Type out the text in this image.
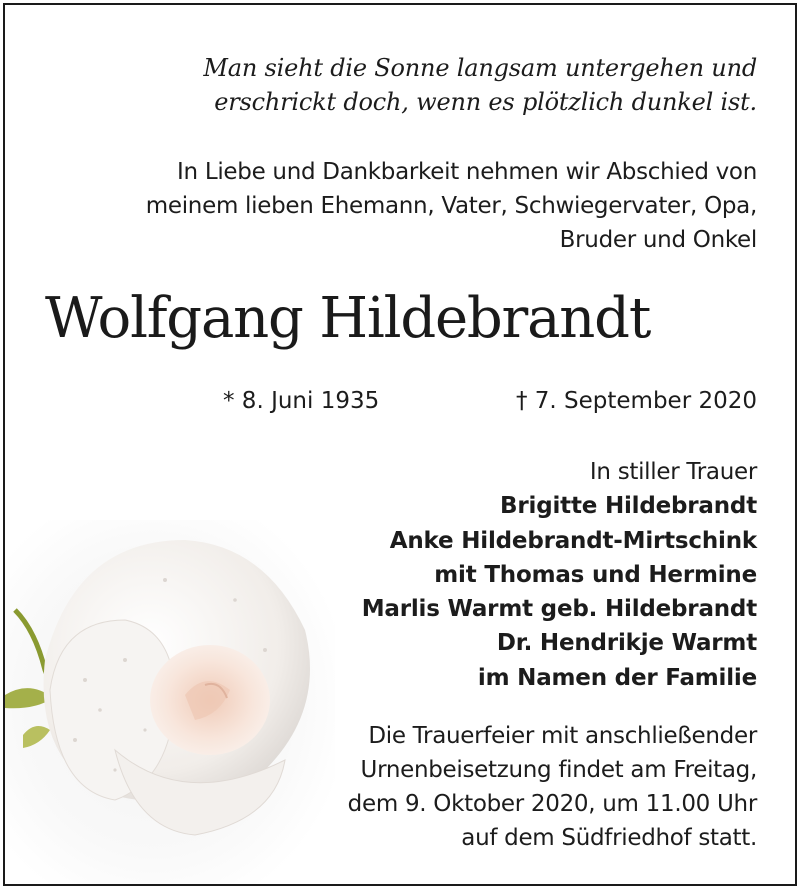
Man sieht die Sonne langsam untergehen und
erschrickt doch, wenn es plötzlich dunkel ist.
In Liebe und Dankbarkeit nehmen wir Abschied von
meinem lieben Ehemann, Vater, Schwiegervater, Opa,
Bruder und Onkel
Wolfgang Hildebrandt
* 8. Juni 1935	† 7. September 2020
In stiller Trauer
Brigitte Hildebrandt
Anke Hildebrandt-Mirtschink
mit Thomas und Hermine
Marlis Warmt geb. Hildebrandt
Dr. Hendrikje Warmt
im Namen der Familie
Die Trauerfeier mit anschließender
Urnenbeisetzung findet am Freitag,
dem 9. Oktober 2020, um 11.00 Uhr
auf dem Südfriedhof statt.
